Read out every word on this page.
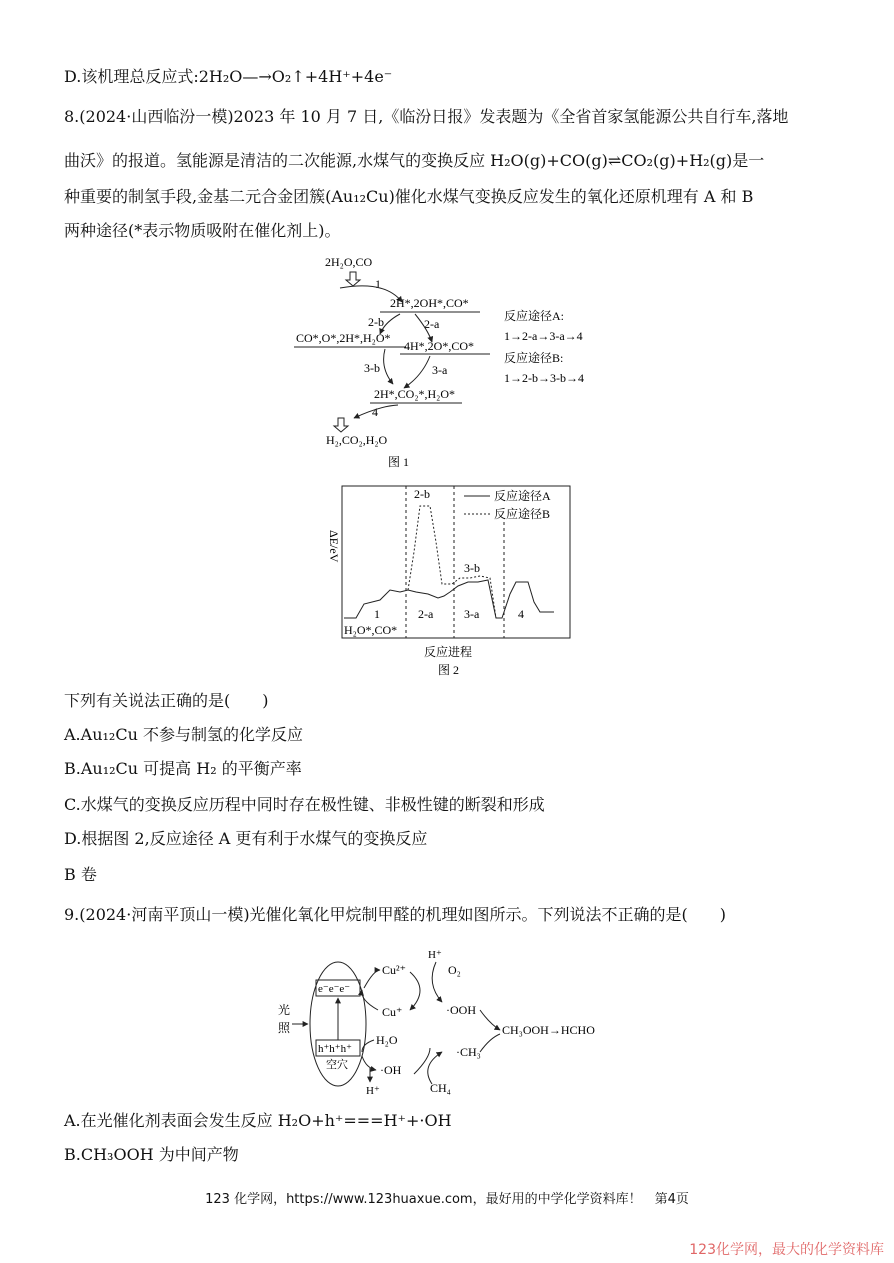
D.该机理总反应式:2H₂O—→O₂↑+4H⁺+4e⁻
8.(2024·山西临汾一模)2023 年 10 月 7 日,《临汾日报》发表题为《全省首家氢能源公共自行车,落地
曲沃》的报道。氢能源是清洁的二次能源,水煤气的变换反应 H₂O(g)+CO(g)⇌CO₂(g)+H₂(g)是一
种重要的制氢手段,金基二元合金团簇(Au₁₂Cu)催化水煤气变换反应发生的氧化还原机理有 A 和 B
两种途径(*表示物质吸附在催化剂上)。
2H₂O,CO
1
2H*,2OH*,CO*
2-b	2-a
CO*,O*,2H*,H₂O*
4H*,2O*,CO*
3-b	3-a
2H*,CO₂*,H₂O*
4
H₂,CO₂,H₂O
图 1
反应途径A:
1→2-a→3-a→4
反应途径B:
1→2-b→3-b→4
ΔE/eV
2-b
3-b
1	2-a	3-a	4
H₂O*,CO*
反应途径A
反应途径B
反应进程
图 2
下列有关说法正确的是(　　)
A.Au₁₂Cu 不参与制氢的化学反应
B.Au₁₂Cu 可提高 H₂ 的平衡产率
C.水煤气的变换反应历程中同时存在极性键、非极性键的断裂和形成
D.根据图 2,反应途径 A 更有利于水煤气的变换反应
B 卷
9.(2024·河南平顶山一模)光催化氧化甲烷制甲醛的机理如图所示。下列说法不正确的是(　　)
光
照
e⁻e⁻e⁻
h⁺h⁺h⁺
空穴
Cu²⁺
Cu⁺
H⁺
O₂
·OOH
CH₃OOH→HCHO
H₂O
·OH
H⁺
·CH₃
CH₄
A.在光催化剂表面会发生反应 H₂O+h⁺===H⁺+·OH
B.CH₃OOH 为中间产物
123 化学网，https://www.123huaxue.com，最好用的中学化学资料库！　第4页
123化学网，最大的化学资料库
